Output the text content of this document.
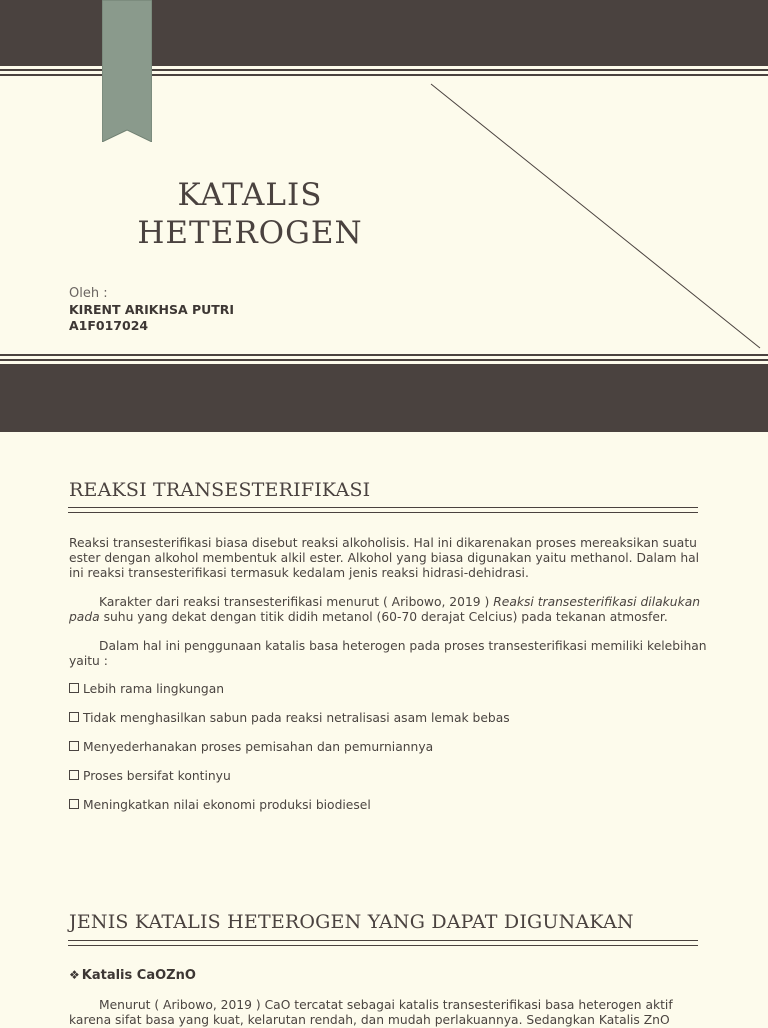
KATALIS
HETEROGEN
Oleh :
KIRENT ARIKHSA PUTRI
A1F017024
REAKSI TRANSESTERIFIKASI
Reaksi transesterifikasi biasa disebut reaksi alkoholisis. Hal ini dikarenakan proses mereaksikan suatu ester dengan alkohol membentuk alkil ester. Alkohol yang biasa digunakan yaitu methanol. Dalam hal ini reaksi transesterifikasi termasuk kedalam jenis reaksi hidrasi-dehidrasi.
Karakter dari reaksi transesterifikasi menurut ( Aribowo, 2019 ) Reaksi transesterifikasi dilakukan pada suhu yang dekat dengan titik didih metanol (60-70 derajat Celcius) pada tekanan atmosfer.
Dalam hal ini penggunaan katalis basa heterogen pada proses transesterifikasi memiliki kelebihan yaitu :
Lebih rama lingkungan
Tidak menghasilkan sabun pada reaksi netralisasi asam lemak bebas
Menyederhanakan proses pemisahan dan pemurniannya
Proses bersifat kontinyu
Meningkatkan nilai ekonomi produksi biodiesel
JENIS KATALIS HETEROGEN YANG DAPAT DIGUNAKAN
❖ Katalis CaOZnO
Menurut ( Aribowo, 2019 ) CaO tercatat sebagai katalis transesterifikasi basa heterogen aktif karena sifat basa yang kuat, kelarutan rendah, dan mudah perlakuannya. Sedangkan Katalis ZnO
